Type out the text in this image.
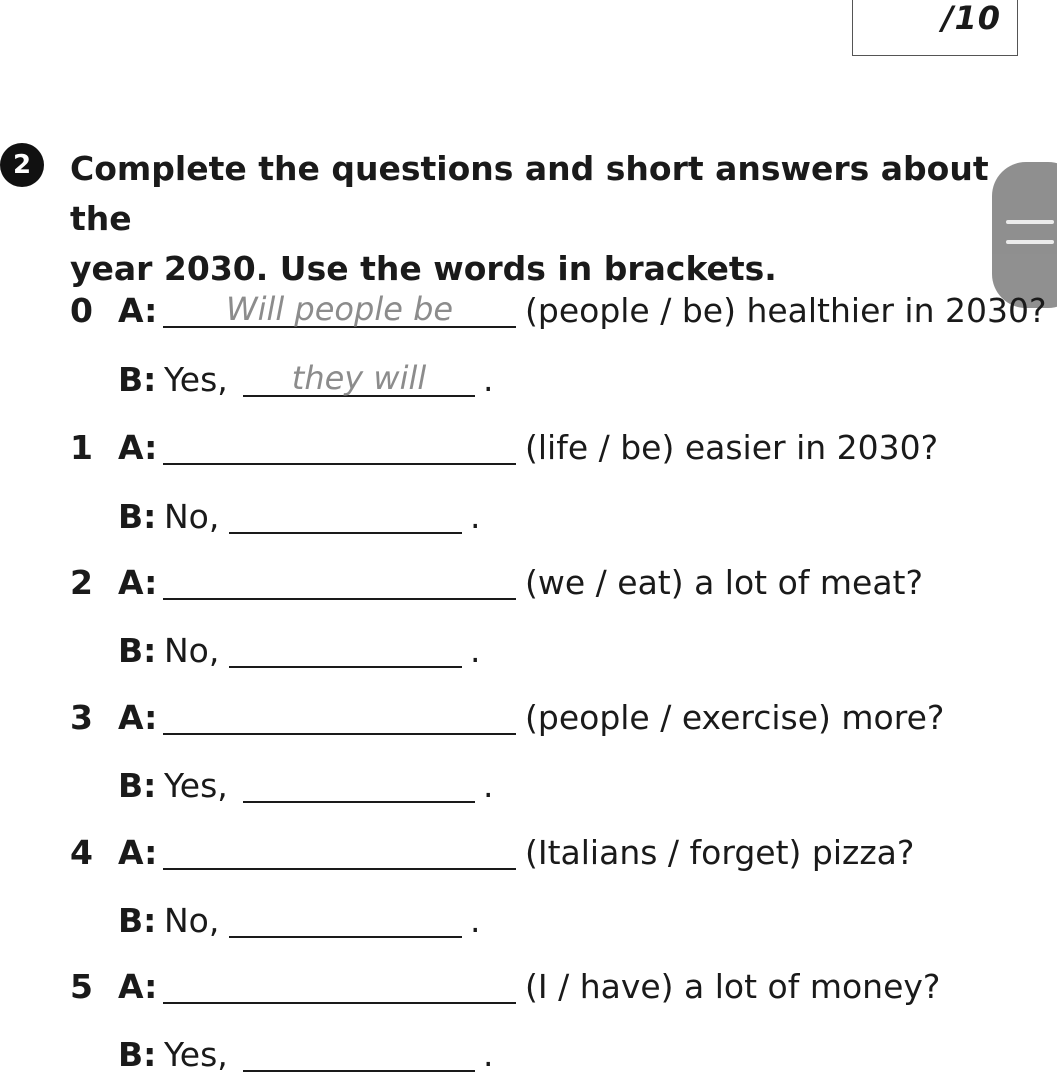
/10
2	Complete the questions and short answers about the
year 2030. Use the words in brackets.
0 A:	Will people be	(people / be) healthier in 2030?
B: Yes,	they will	.
1 A:	(life / be) easier in 2030?
B: No,	.
2 A:	(we / eat) a lot of meat?
B: No,	.
3 A:	(people / exercise) more?
B: Yes,	.
4 A:	(Italians / forget) pizza?
B: No,	.
5 A:	(I / have) a lot of money?
B: Yes,	.
